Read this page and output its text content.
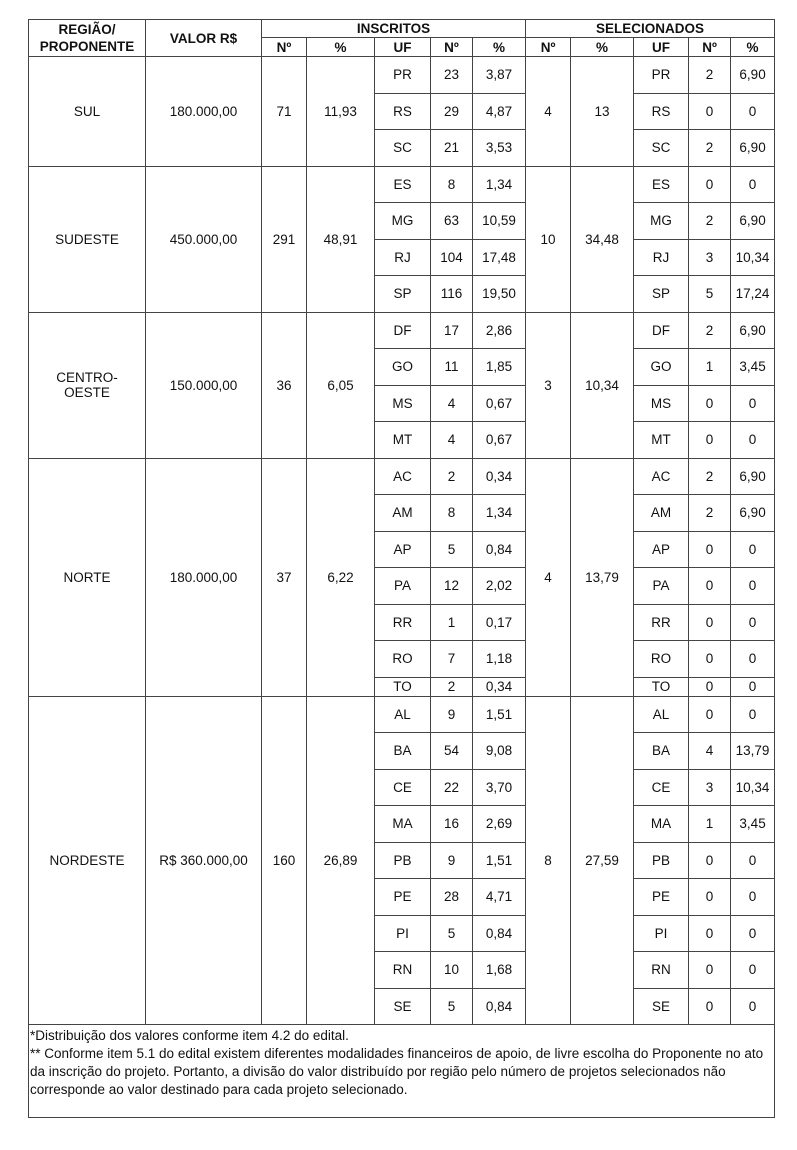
REGIÃO/
PROPONENTE	VALOR R$	INSCRITOS					SELECIONADOS				
		Nº	%	UF	Nº	%	Nº	%	UF	Nº	%
SUL	180.000,00	71	11,93	PR	23	3,87	4	13	PR	2	6,90
				RS	29	4,87			RS	0	0
				SC	21	3,53			SC	2	6,90
SUDESTE	450.000,00	291	48,91	ES	8	1,34	10	34,48	ES	0	0
				MG	63	10,59			MG	2	6,90
				RJ	104	17,48			RJ	3	10,34
				SP	116	19,50			SP	5	17,24
CENTRO-
OESTE	150.000,00	36	6,05	DF	17	2,86	3	10,34	DF	2	6,90
				GO	11	1,85			GO	1	3,45
				MS	4	0,67			MS	0	0
				MT	4	0,67			MT	0	0
NORTE	180.000,00	37	6,22	AC	2	0,34	4	13,79	AC	2	6,90
				AM	8	1,34			AM	2	6,90
				AP	5	0,84			AP	0	0
				PA	12	2,02			PA	0	0
				RR	1	0,17			RR	0	0
				RO	7	1,18			RO	0	0
				TO	2	0,34			TO	0	0
NORDESTE	R$ 360.000,00	160	26,89	AL	9	1,51	8	27,59	AL	0	0
				BA	54	9,08			BA	4	13,79
				CE	22	3,70			CE	3	10,34
				MA	16	2,69			MA	1	3,45
				PB	9	1,51			PB	0	0
				PE	28	4,71			PE	0	0
				PI	5	0,84			PI	0	0
				RN	10	1,68			RN	0	0
				SE	5	0,84			SE	0	0

*Distribuição dos valores conforme item 4.2 do edital.

** Conforme item 5.1 do edital existem diferentes modalidades financeiros de apoio, de livre escolha do Proponente no ato da inscrição do projeto. Portanto, a divisão do valor distribuído por região pelo número de projetos selecionados não corresponde ao valor destinado para cada projeto selecionado.
